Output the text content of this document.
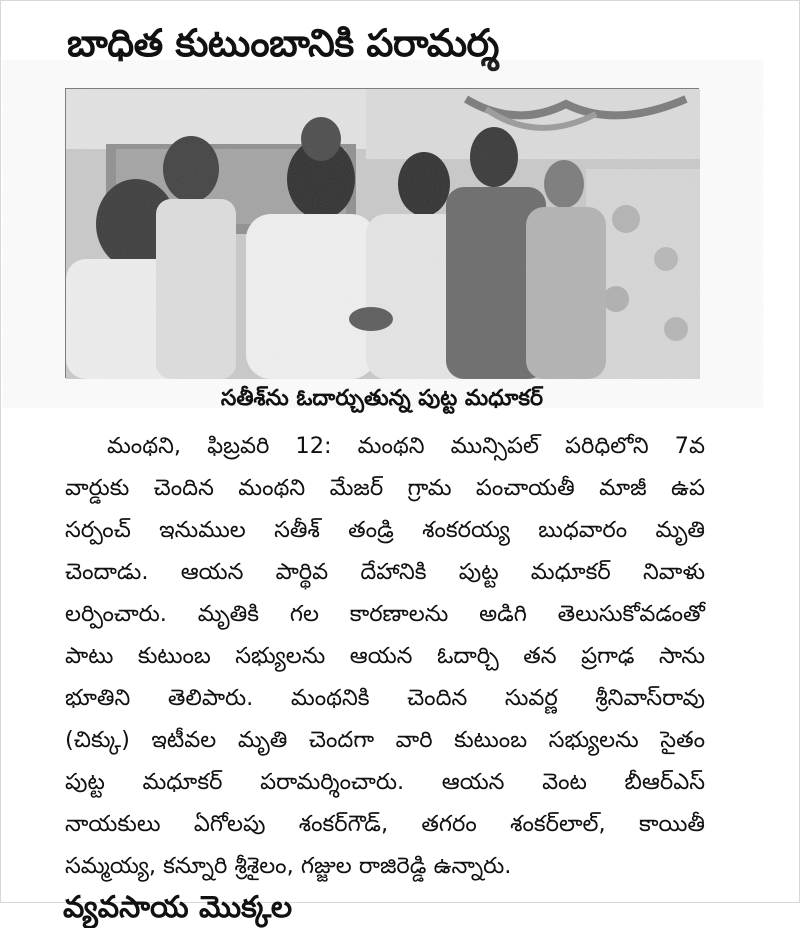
బాధిత కుటుంబానికి పరామర్శ
సతీశ్‌ను ఓదార్చుతున్న పుట్ట మధూకర్
మంథని, ఫిబ్రవరి 12: మంథని మున్సిపల్‌ పరిధిలోని 7వ
వార్డుకు చెందిన మంథని మేజర్‌ గ్రామ పంచాయతీ మాజీ ఉప
సర్పంచ్‌ ఇనుముల సతీశ్‌ తండ్రి శంకరయ్య బుధవారం మృతి
చెందాడు. ఆయన పార్థివ దేహానికి పుట్ట మధూకర్‌ నివాళు
లర్పించారు. మృతికి గల కారణాలను అడిగి తెలుసుకోవడంతో
పాటు కుటుంబ సభ్యులను ఆయన ఓదార్చి తన ప్రగాఢ సాను
భూతిని తెలిపారు. మంథనికి చెందిన సువర్ణ శ్రీనివాస్‌రావు
(చిక్కు) ఇటీవల మృతి చెందగా వారి కుటుంబ సభ్యులను సైతం
పుట్ట మధూకర్‌ పరామర్శించారు. ఆయన వెంట బీఆర్‌ఎస్‌
నాయకులు ఏగోలపు శంకర్‌గౌడ్‌, తగరం శంకర్‌లాల్‌, కాయితీ
సమ్మయ్య, కన్నూరి శ్రీశైలం, గజ్జుల రాజిరెడ్డి ఉన్నారు.
వ్యవసాయ మొక్కల
